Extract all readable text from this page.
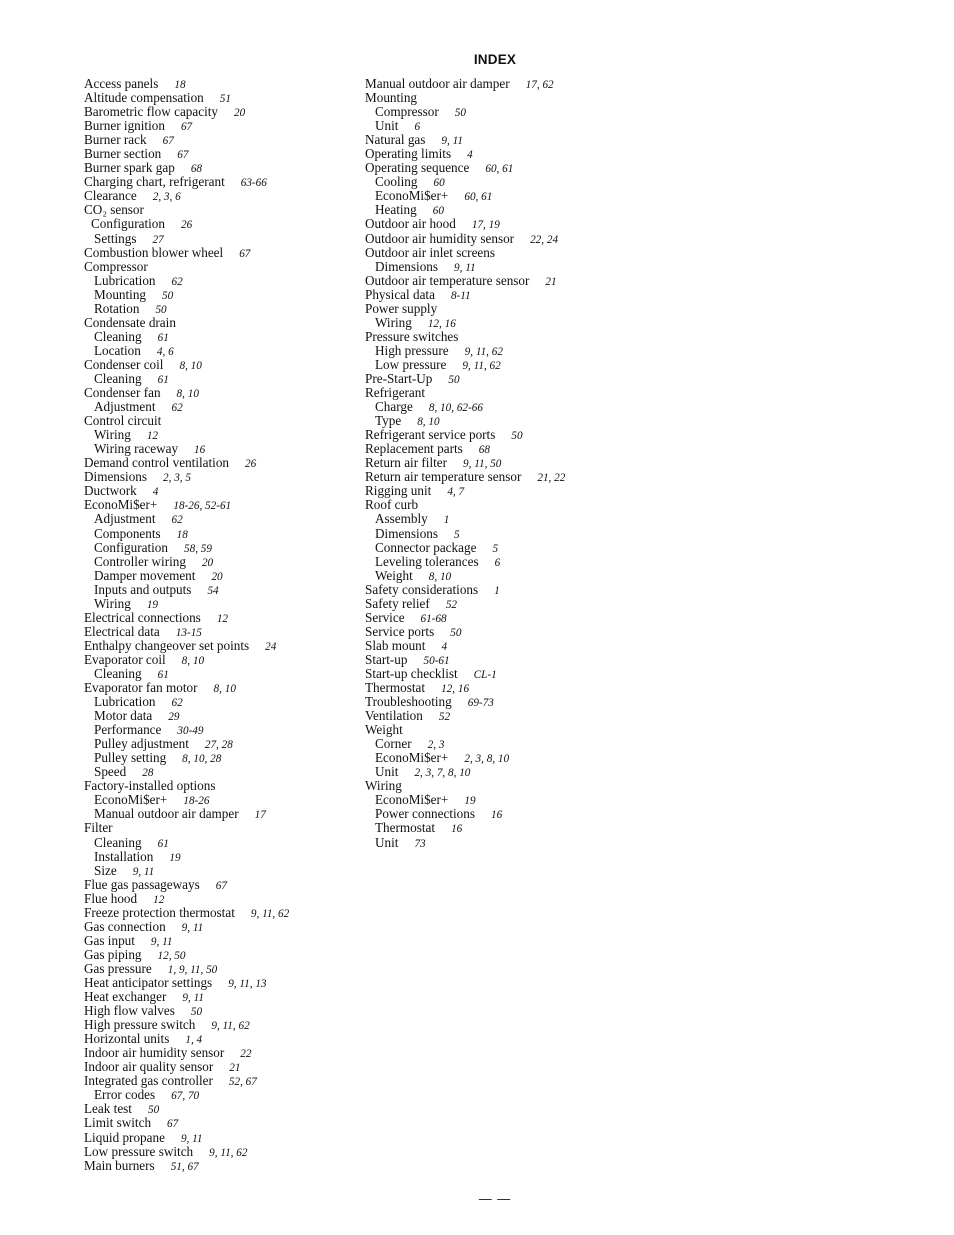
INDEX
Access panels 18
Altitude compensation 51
Barometric flow capacity 20
Burner ignition 67
Burner rack 67
Burner section 67
Burner spark gap 68
Charging chart, refrigerant 63-66
Clearance 2, 3, 6
CO₂ sensor
Configuration 26
Settings 27
Combustion blower wheel 67
Compressor
Lubrication 62
Mounting 50
Rotation 50
Condensate drain
Cleaning 61
Location 4, 6
Condenser coil 8, 10
Cleaning 61
Condenser fan 8, 10
Adjustment 62
Control circuit
Wiring 12
Wiring raceway 16
Demand control ventilation 26
Dimensions 2, 3, 5
Ductwork 4
EconoMi$er+ 18-26, 52-61
Adjustment 62
Components 18
Configuration 58, 59
Controller wiring 20
Damper movement 20
Inputs and outputs 54
Wiring 19
Electrical connections 12
Electrical data 13-15
Enthalpy changeover set points 24
Evaporator coil 8, 10
Cleaning 61
Evaporator fan motor 8, 10
Lubrication 62
Motor data 29
Performance 30-49
Pulley adjustment 27, 28
Pulley setting 8, 10, 28
Speed 28
Factory-installed options
EconoMi$er+ 18-26
Manual outdoor air damper 17
Filter
Cleaning 61
Installation 19
Size 9, 11
Flue gas passageways 67
Flue hood 12
Freeze protection thermostat 9, 11, 62
Gas connection 9, 11
Gas input 9, 11
Gas piping 12, 50
Gas pressure 1, 9, 11, 50
Heat anticipator settings 9, 11, 13
Heat exchanger 9, 11
High flow valves 50
High pressure switch 9, 11, 62
Horizontal units 1, 4
Indoor air humidity sensor 22
Indoor air quality sensor 21
Integrated gas controller 52, 67
Error codes 67, 70
Leak test 50
Limit switch 67
Liquid propane 9, 11
Low pressure switch 9, 11, 62
Main burners 51, 67
Manual outdoor air damper 17, 62
Mounting
Compressor 50
Unit 6
Natural gas 9, 11
Operating limits 4
Operating sequence 60, 61
Cooling 60
EconoMi$er+ 60, 61
Heating 60
Outdoor air hood 17, 19
Outdoor air humidity sensor 22, 24
Outdoor air inlet screens
Dimensions 9, 11
Outdoor air temperature sensor 21
Physical data 8-11
Power supply
Wiring 12, 16
Pressure switches
High pressure 9, 11, 62
Low pressure 9, 11, 62
Pre-Start-Up 50
Refrigerant
Charge 8, 10, 62-66
Type 8, 10
Refrigerant service ports 50
Replacement parts 68
Return air filter 9, 11, 50
Return air temperature sensor 21, 22
Rigging unit 4, 7
Roof curb
Assembly 1
Dimensions 5
Connector package 5
Leveling tolerances 6
Weight 8, 10
Safety considerations 1
Safety relief 52
Service 61-68
Service ports 50
Slab mount 4
Start-up 50-61
Start-up checklist CL-1
Thermostat 12, 16
Troubleshooting 69-73
Ventilation 52
Weight
Corner 2, 3
EconoMi$er+ 2, 3, 8, 10
Unit 2, 3, 7, 8, 10
Wiring
EconoMi$er+ 19
Power connections 16
Thermostat 16
Unit 73
— —
